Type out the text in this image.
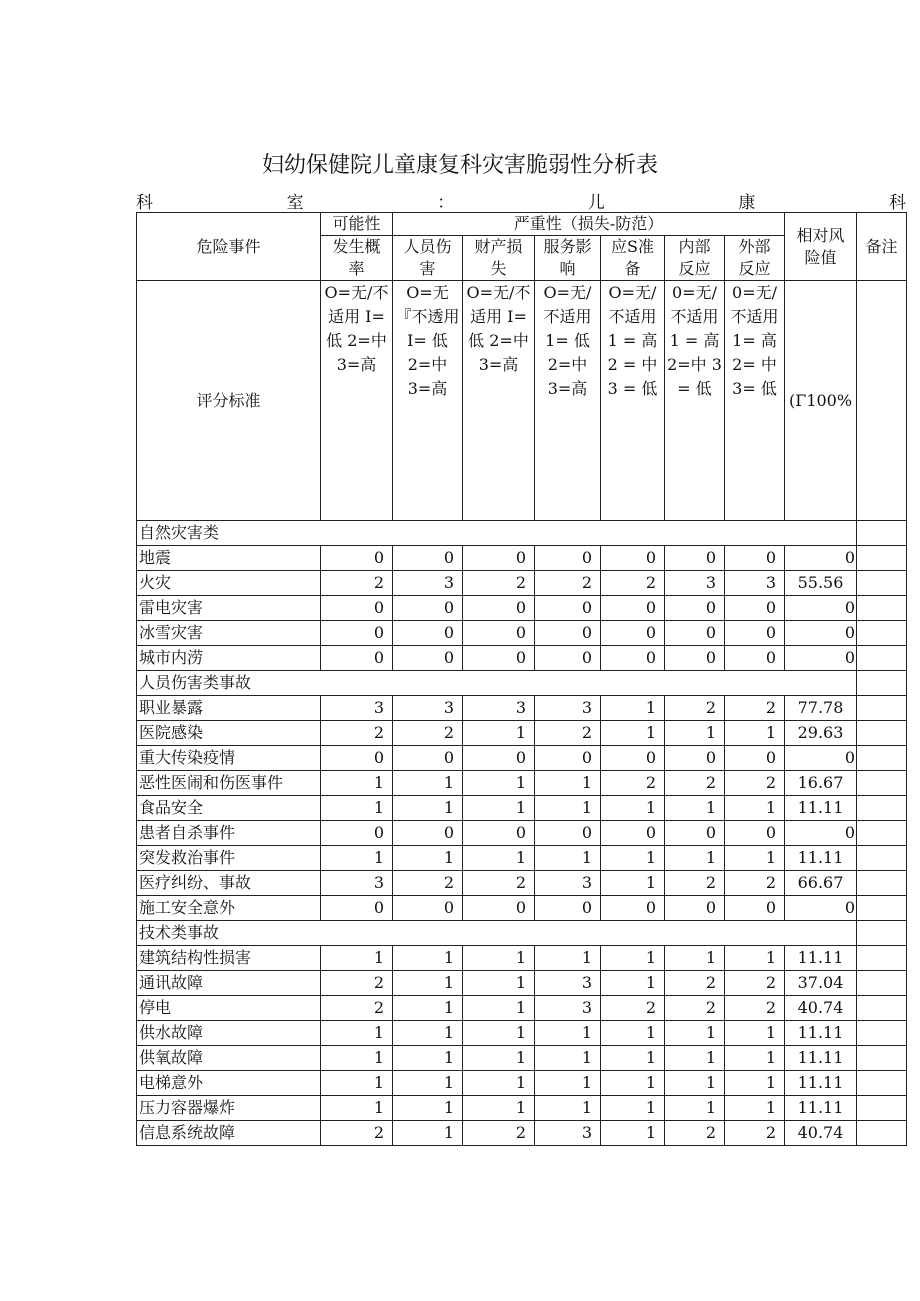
妇幼保健院儿童康复科灾害脆弱性分析表
科	室	：	儿	康	科
危险事件	可能性	严重性（损失-防范）						相对风险值	备注
	发生概率	人员伤害	财产损失	服务影响	应S准备	内部反应	外部反应		
评分标准	O=无/不适用 I=低 2=中 3=高	O=无『不透用 I= 低 2=中 3=高	O=无/不适用 I=低 2=中 3=高	O=无/不适用 1= 低 2=中 3=高	O=无/不适用 1 = 高 2 = 中 3 = 低	0=无/不适用 1 = 高 2=中 3 = 低	0=无/不适用 1= 高 2= 中 3= 低	(Γ100%	
自然灾害类									
地震	0	0	0	0	0	0	0	0	
火灾	2	3	2	2	2	3	3	55.56	
雷电灾害	0	0	0	0	0	0	0	0	
冰雪灾害	0	0	0	0	0	0	0	0	
城市内涝	0	0	0	0	0	0	0	0	
人员伤害类事故									
职业暴露	3	3	3	3	1	2	2	77.78	
医院感染	2	2	1	2	1	1	1	29.63	
重大传染疫情	0	0	0	0	0	0	0	0	
恶性医闹和伤医事件	1	1	1	1	2	2	2	16.67	
食品安全	1	1	1	1	1	1	1	11.11	
患者自杀事件	0	0	0	0	0	0	0	0	
突发救治事件	1	1	1	1	1	1	1	11.11	
医疗纠纷、事故	3	2	2	3	1	2	2	66.67	
施工安全意外	0	0	0	0	0	0	0	0	
技术类事故									
建筑结构性损害	1	1	1	1	1	1	1	11.11	
通讯故障	2	1	1	3	1	2	2	37.04	
停电	2	1	1	3	2	2	2	40.74	
供水故障	1	1	1	1	1	1	1	11.11	
供氧故障	1	1	1	1	1	1	1	11.11	
电梯意外	1	1	1	1	1	1	1	11.11	
压力容器爆炸	1	1	1	1	1	1	1	11.11	
信息系统故障	2	1	2	3	1	2	2	40.74	
